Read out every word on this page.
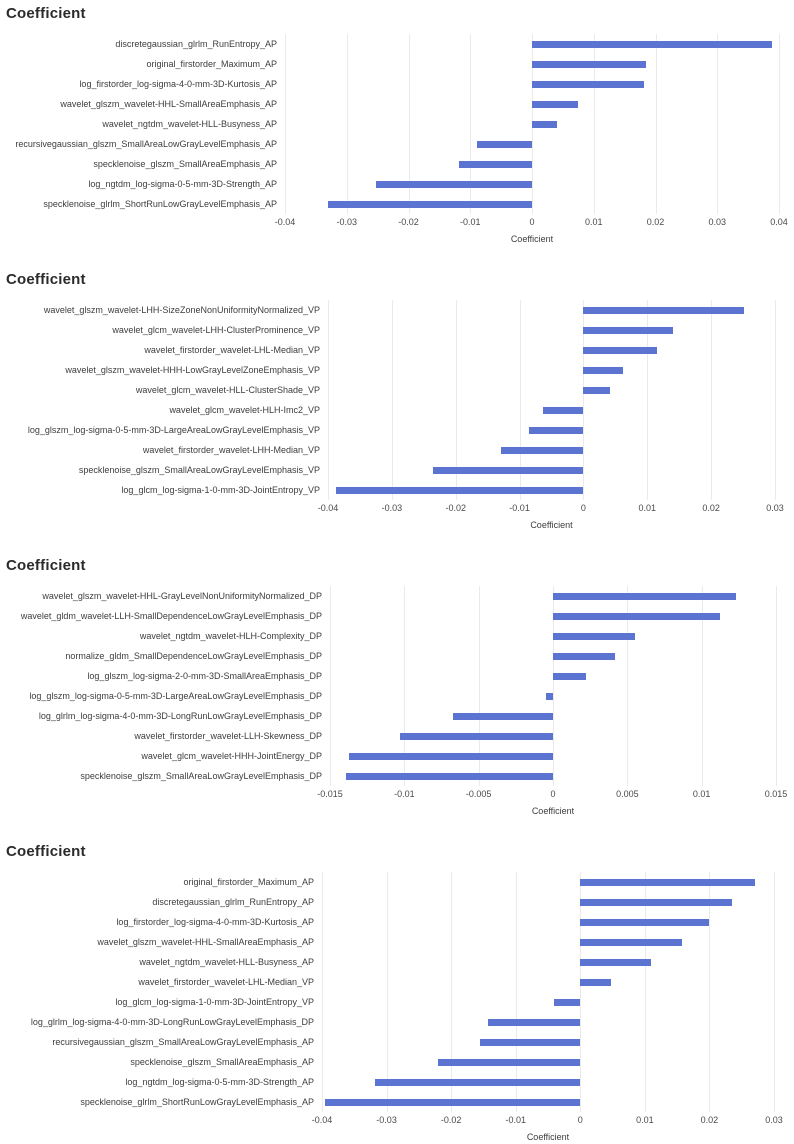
Coefficient
discretegaussian_glrlm_RunEntropy_AP
original_firstorder_Maximum_AP
log_firstorder_log-sigma-4-0-mm-3D-Kurtosis_AP
wavelet_glszm_wavelet-HHL-SmallAreaEmphasis_AP
wavelet_ngtdm_wavelet-HLL-Busyness_AP
recursivegaussian_glszm_SmallAreaLowGrayLevelEmphasis_AP
specklenoise_glszm_SmallAreaEmphasis_AP
log_ngtdm_log-sigma-0-5-mm-3D-Strength_AP
specklenoise_glrlm_ShortRunLowGrayLevelEmphasis_AP
-0.04	-0.03	-0.02	-0.01	0	0.01	0.02	0.03	0.04
Coefficient
Coefficient
wavelet_glszm_wavelet-LHH-SizeZoneNonUniformityNormalized_VP
wavelet_glcm_wavelet-LHH-ClusterProminence_VP
wavelet_firstorder_wavelet-LHL-Median_VP
wavelet_glszm_wavelet-HHH-LowGrayLevelZoneEmphasis_VP
wavelet_glcm_wavelet-HLL-ClusterShade_VP
wavelet_glcm_wavelet-HLH-Imc2_VP
log_glszm_log-sigma-0-5-mm-3D-LargeAreaLowGrayLevelEmphasis_VP
wavelet_firstorder_wavelet-LHH-Median_VP
specklenoise_glszm_SmallAreaLowGrayLevelEmphasis_VP
log_glcm_log-sigma-1-0-mm-3D-JointEntropy_VP
-0.04	-0.03	-0.02	-0.01	0	0.01	0.02	0.03
Coefficient
Coefficient
wavelet_glszm_wavelet-HHL-GrayLevelNonUniformityNormalized_DP
wavelet_gldm_wavelet-LLH-SmallDependenceLowGrayLevelEmphasis_DP
wavelet_ngtdm_wavelet-HLH-Complexity_DP
normalize_gldm_SmallDependenceLowGrayLevelEmphasis_DP
log_glszm_log-sigma-2-0-mm-3D-SmallAreaEmphasis_DP
log_glszm_log-sigma-0-5-mm-3D-LargeAreaLowGrayLevelEmphasis_DP
log_glrlm_log-sigma-4-0-mm-3D-LongRunLowGrayLevelEmphasis_DP
wavelet_firstorder_wavelet-LLH-Skewness_DP
wavelet_glcm_wavelet-HHH-JointEnergy_DP
specklenoise_glszm_SmallAreaLowGrayLevelEmphasis_DP
-0.015	-0.01	-0.005	0	0.005	0.01	0.015
Coefficient
Coefficient
original_firstorder_Maximum_AP
discretegaussian_glrlm_RunEntropy_AP
log_firstorder_log-sigma-4-0-mm-3D-Kurtosis_AP
wavelet_glszm_wavelet-HHL-SmallAreaEmphasis_AP
wavelet_ngtdm_wavelet-HLL-Busyness_AP
wavelet_firstorder_wavelet-LHL-Median_VP
log_glcm_log-sigma-1-0-mm-3D-JointEntropy_VP
log_glrlm_log-sigma-4-0-mm-3D-LongRunLowGrayLevelEmphasis_DP
recursivegaussian_glszm_SmallAreaLowGrayLevelEmphasis_AP
specklenoise_glszm_SmallAreaEmphasis_AP
log_ngtdm_log-sigma-0-5-mm-3D-Strength_AP
specklenoise_glrlm_ShortRunLowGrayLevelEmphasis_AP
-0.04	-0.03	-0.02	-0.01	0	0.01	0.02	0.03
Coefficient
